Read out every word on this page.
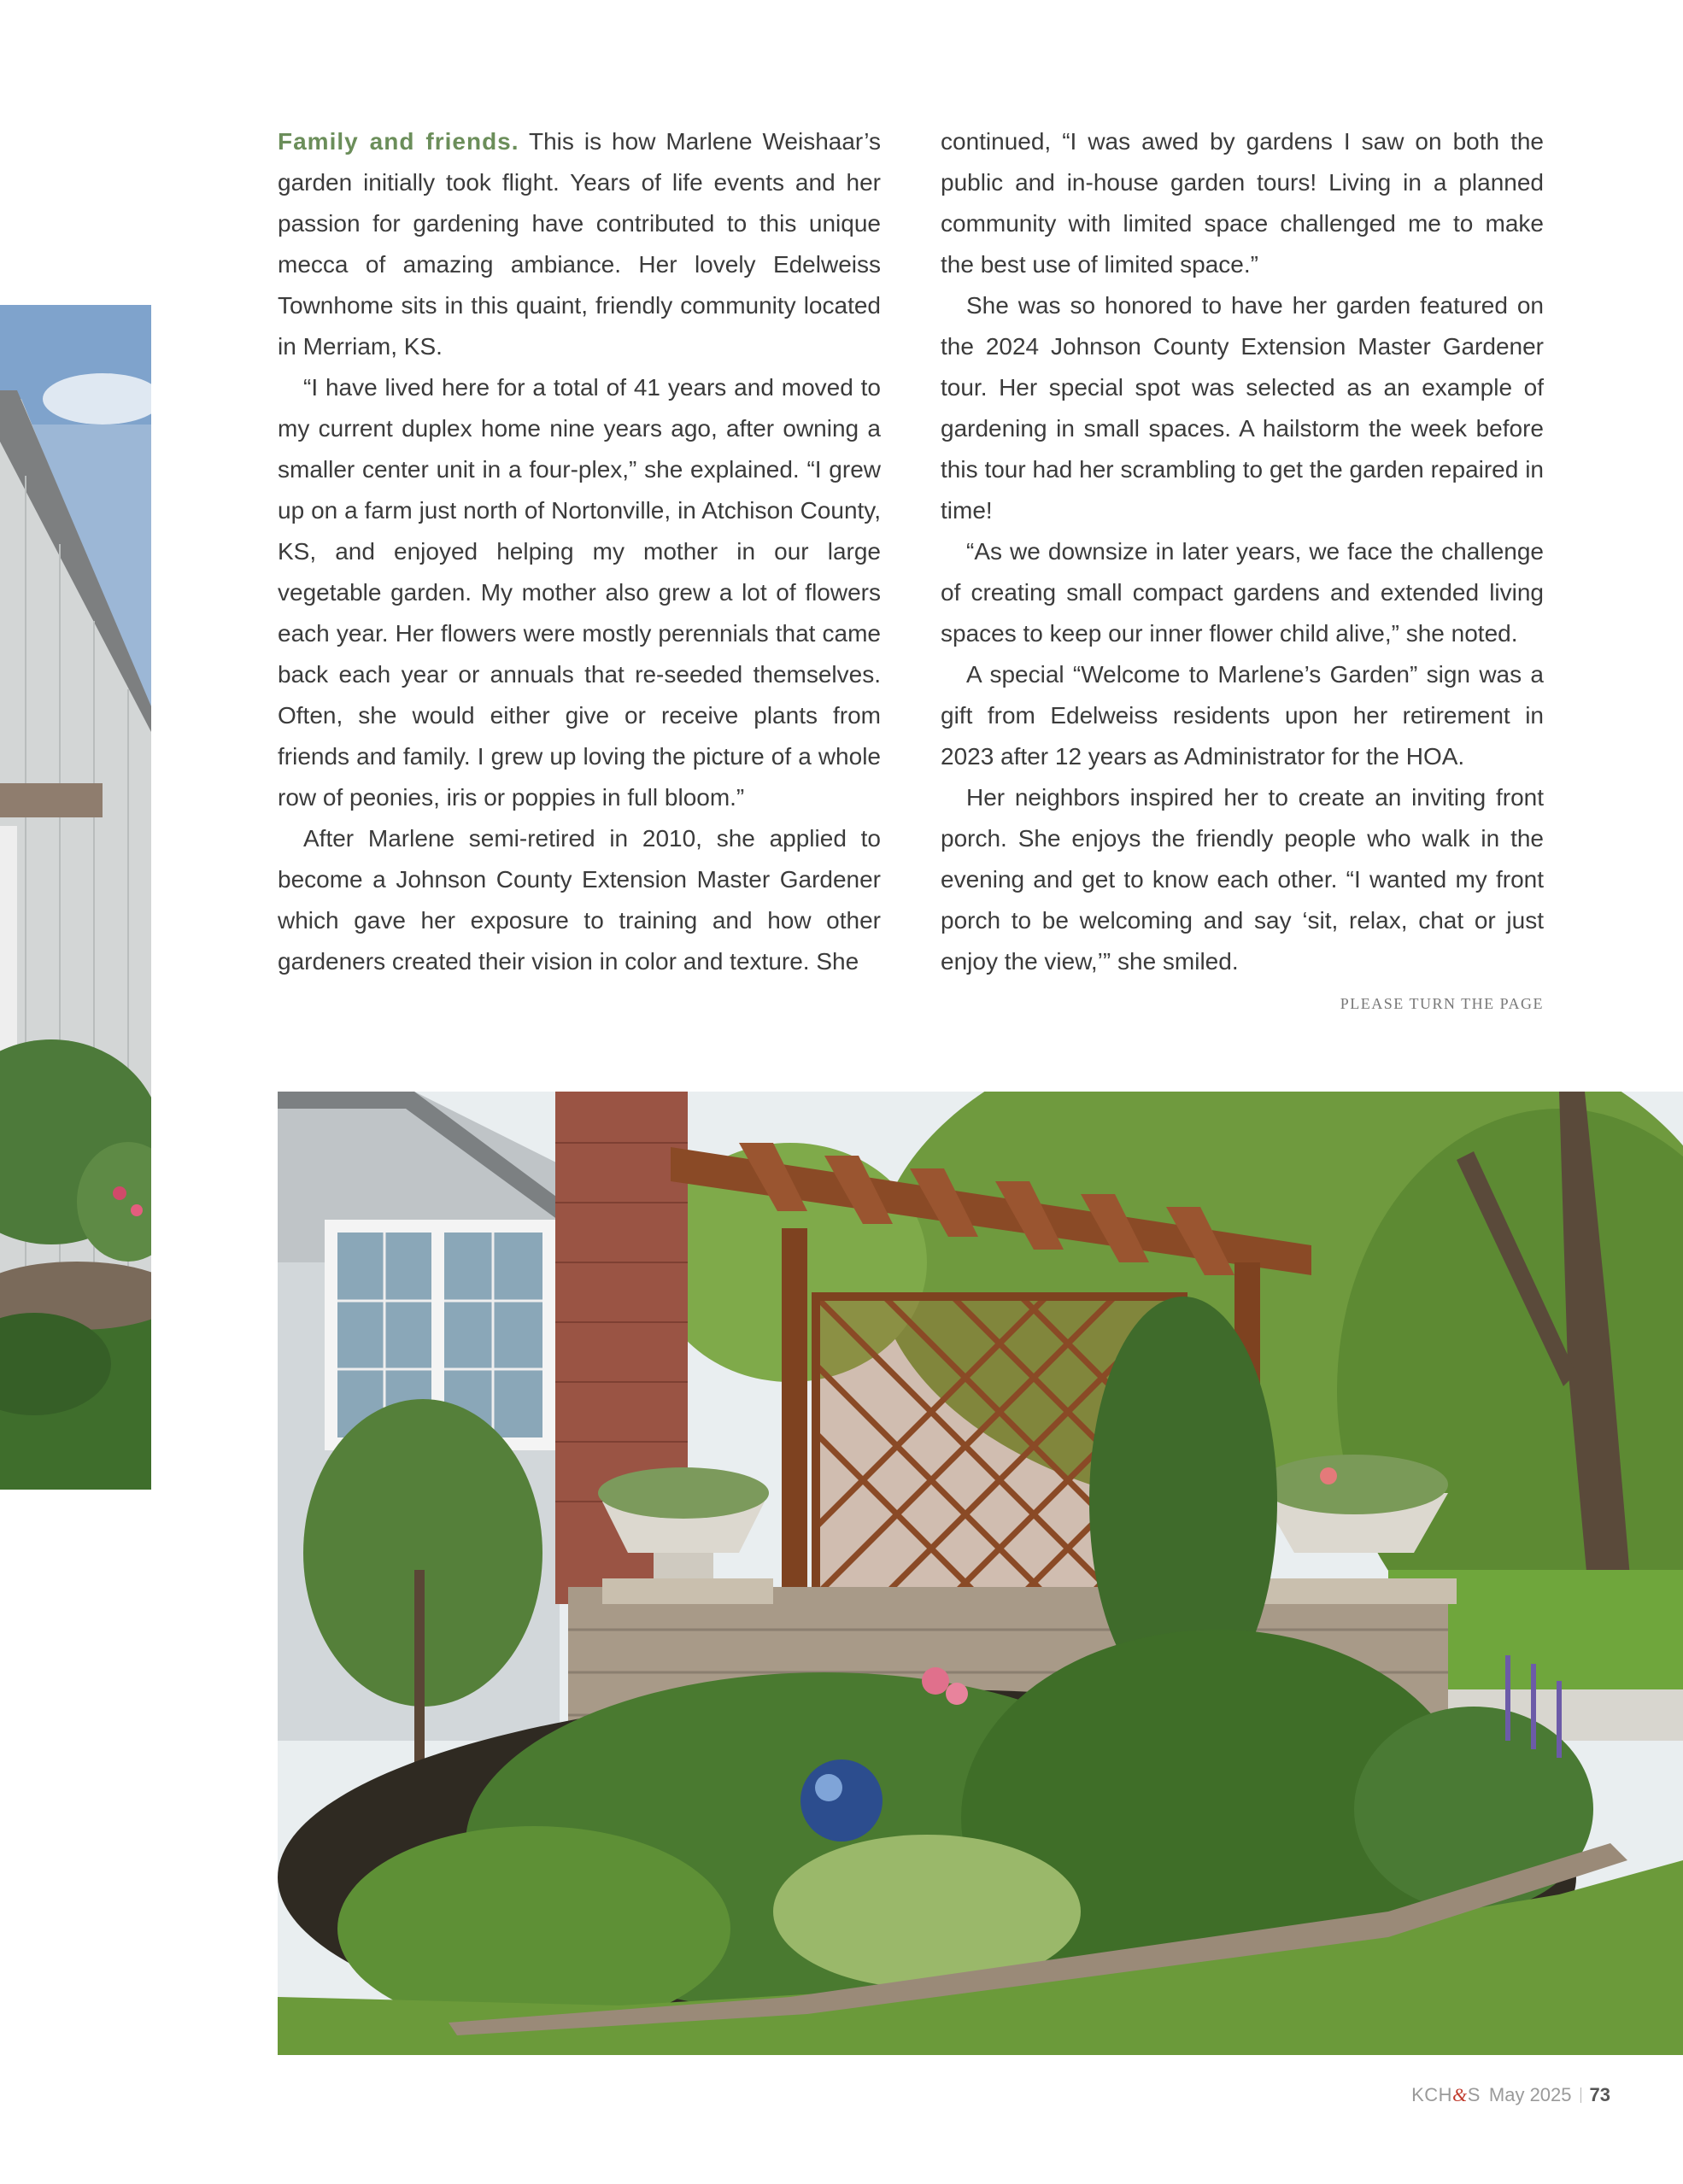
Family and friends. This is how Marlene Weishaar’s garden initially took flight. Years of life events and her passion for gardening have contributed to this unique mecca of amazing ambiance. Her lovely Edelweiss Townhome sits in this quaint, friendly community located in Merriam, KS.

“I have lived here for a total of 41 years and moved to my current duplex home nine years ago, after owning a smaller center unit in a four-plex,” she explained. “I grew up on a farm just north of Nortonville, in Atchison County, KS, and enjoyed helping my mother in our large vegetable garden. My mother also grew a lot of flowers each year. Her flowers were mostly perennials that came back each year or annuals that re-seeded themselves. Often, she would either give or receive plants from friends and family. I grew up loving the picture of a whole row of peonies, iris or poppies in full bloom.”

After Marlene semi-retired in 2010, she applied to become a Johnson County Extension Master Gardener which gave her exposure to training and how other gardeners created their vision in color and texture. She

continued, “I was awed by gardens I saw on both the public and in-house garden tours! Living in a planned community with limited space challenged me to make the best use of limited space.”

She was so honored to have her garden featured on the 2024 Johnson County Extension Master Gardener tour. Her special spot was selected as an example of gardening in small spaces. A hailstorm the week before this tour had her scrambling to get the garden repaired in time!

“As we downsize in later years, we face the challenge of creating small compact gardens and extended living spaces to keep our inner flower child alive,” she noted.

A special “Welcome to Marlene’s Garden” sign was a gift from Edelweiss residents upon her retirement in 2023 after 12 years as Administrator for the HOA.

Her neighbors inspired her to create an inviting front porch. She enjoys the friendly people who walk in the evening and get to know each other. “I wanted my front porch to be welcoming and say ‘sit, relax, chat or just enjoy the view,’” she smiled.

PLEASE TURN THE PAGE
KCH&S May 2025 73
